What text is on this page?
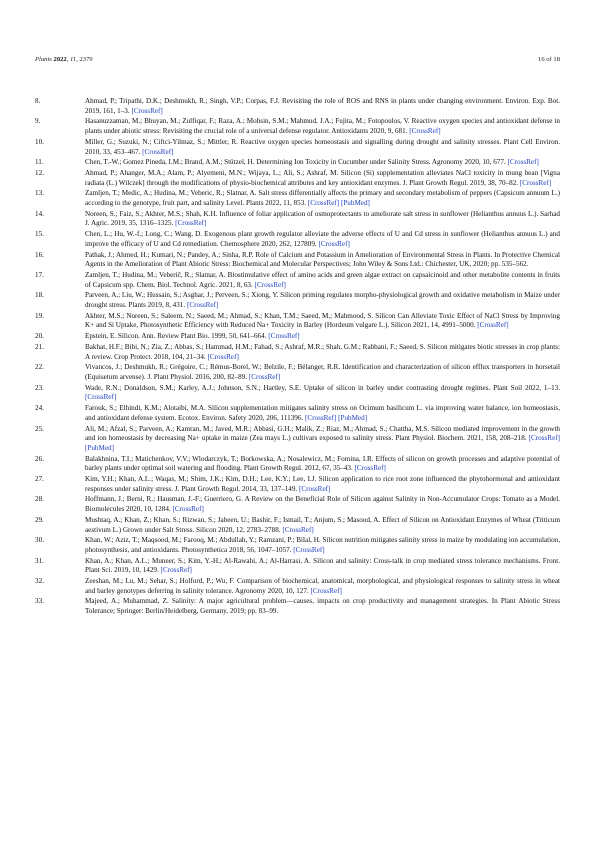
Plants 2022, 11, 2379	16 of 18
8.	Ahmad, P.; Tripathi, D.K.; Deshmukh, R.; Singh, V.P.; Corpas, F.J. Revisiting the role of ROS and RNS in plants under changing environment. Environ. Exp. Bot. 2019, 161, 1–3. [CrossRef]
9.	Hasanuzzaman, M.; Bhuyan, M.; Zulfiqar, F.; Raza, A.; Mohsin, S.M.; Mahmud, J.A.; Fujita, M.; Fotopoulos, V. Reactive oxygen species and antioxidant defense in plants under abiotic stress: Revisiting the crucial role of a universal defense regulator. Antioxidants 2020, 9, 681. [CrossRef]
10.	Miller, G.; Suzuki, N.; Ciftci-Yilmaz, S.; Mittler, R. Reactive oxygen species homeostasis and signalling during drought and salinity stresses. Plant Cell Environ. 2010, 33, 453–467. [CrossRef]
11.	Chen, T.-W.; Gomez Pineda, I.M.; Brand, A.M.; Stützel, H. Determining Ion Toxicity in Cucumber under Salinity Stress. Agronomy 2020, 10, 677. [CrossRef]
12.	Ahmad, P.; Ahanger, M.A.; Alam, P.; Alyemeni, M.N.; Wijaya, L.; Ali, S.; Ashraf, M. Silicon (Si) supplementation alleviates NaCl toxicity in mung bean [Vigna radiata (L.) Wilczek] through the modifications of physio-biochemical attributes and key antioxidant enzymes. J. Plant Growth Regul. 2019, 38, 70–82. [CrossRef]
13.	Zamljen, T.; Medic, A.; Hudina, M.; Veberic, R.; Slatnar, A. Salt stress differentially affects the primary and secondary metabolism of peppers (Capsicum annuum L.) according to the genotype, fruit part, and salinity Level. Plants 2022, 11, 853. [CrossRef] [PubMed]
14.	Noreen, S.; Faiz, S.; Akhter, M.S.; Shah, K.H. Influence of foliar application of osmoprotectants to ameliorate salt stress in sunflower (Helianthus annuus L.). Sarhad J. Agric. 2019, 35, 1316–1325. [CrossRef]
15.	Chen, L.; Hu, W.-f.; Long, C.; Wang, D. Exogenous plant growth regulator alleviate the adverse effects of U and Cd stress in sunflower (Helianthus annuus L.) and improve the efficacy of U and Cd remediation. Chemosphere 2020, 262, 127809. [CrossRef]
16.	Pathak, J.; Ahmed, H.; Kumari, N.; Pandey, A.; Sinha, R.P. Role of Calcium and Potassium in Amelioration of Environmental Stress in Plants. In Protective Chemical Agents in the Amelioration of Plant Abiotic Stress: Biochemical and Molecular Perspectives; John Wiley & Sons Ltd.: Chichester, UK, 2020; pp. 535–562.
17.	Zamljen, T.; Hudina, M.; Veberič, R.; Slatnar, A. Biostimulative effect of amino acids and green algae extract on capsaicinoid and other metabolite contents in fruits of Capsicum spp. Chem. Biol. Technol. Agric. 2021, 8, 63. [CrossRef]
18.	Parveen, A.; Liu, W.; Hussain, S.; Asghar, J.; Perveen, S.; Xiong, Y. Silicon priming regulates morpho-physiological growth and oxidative metabolism in Maize under drought stress. Plants 2019, 8, 431. [CrossRef]
19.	Akhter, M.S.; Noreen, S.; Saleem, N.; Saeed, M.; Ahmad, S.; Khan, T.M.; Saeed, M.; Mahmood, S. Silicon Can Alleviate Toxic Effect of NaCl Stress by Improving K+ and Si Uptake, Photosynthetic Efficiency with Reduced Na+ Toxicity in Barley (Hordeum vulgare L.). Silicon 2021, 14, 4991–5000. [CrossRef]
20.	Epstein, E. Silicon. Ann. Review Plant Bio. 1999, 50, 641–664. [CrossRef]
21.	Bakhat, H.F.; Bibi, N.; Zia, Z.; Abbas, S.; Hammad, H.M.; Fahad, S.; Ashraf, M.R.; Shah, G.M.; Rabbani, F.; Saeed, S. Silicon mitigates biotic stresses in crop plants: A review. Crop Protect. 2018, 104, 21–34. [CrossRef]
22.	Vivancos, J.; Deshmukh, R.; Grégoire, C.; Rémus-Borel, W.; Belzile, F.; Bélanger, R.R. Identification and characterization of silicon efflux transporters in horsetail (Equisetum arvense). J. Plant Physiol. 2016, 200, 82–89. [CrossRef]
23.	Wade, R.N.; Donaldson, S.M.; Karley, A.J.; Johnson, S.N.; Hartley, S.E. Uptake of silicon in barley under contrasting drought regimes. Plant Soil 2022, 1–13. [CrossRef]
24.	Farouk, S.; Elhindi, K.M.; Alotaibi, M.A. Silicon supplementation mitigates salinity stress on Ocimum basilicum L. via improving water balance, ion homeostasis, and antioxidant defense system. Ecotox. Environ. Safety 2020, 206, 111396. [CrossRef] [PubMed]
25.	Ali, M.; Afzal, S.; Parveen, A.; Kamran, M.; Javed, M.R.; Abbasi, G.H.; Malik, Z.; Riaz, M.; Ahmad, S.; Chattha, M.S. Silicon mediated improvement in the growth and ion homeostasis by decreasing Na+ uptake in maize (Zea mays L.) cultivars exposed to salinity stress. Plant Physiol. Biochem. 2021, 158, 208–218. [CrossRef] [PubMed]
26.	Balakhnina, T.I.; Matichenkov, V.V.; Wlodarczyk, T.; Borkowska, A.; Nosalewicz, M.; Fomina, I.R. Effects of silicon on growth processes and adaptive potential of barley plants under optimal soil watering and flooding. Plant Growth Regul. 2012, 67, 35–43. [CrossRef]
27.	Kim, Y.H.; Khan, A.L.; Waqas, M.; Shim, J.K.; Kim, D.H.; Lee, K.Y.; Lee, I.J. Silicon application to rice root zone influenced the phytohormonal and antioxidant responses under salinity stress. J. Plant Growth Regul. 2014, 33, 137–149. [CrossRef]
28.	Hoffmann, J.; Berni, R.; Hausman, J.-F.; Guerriero, G. A Review on the Beneficial Role of Silicon against Salinity in Non-Accumulator Crops: Tomato as a Model. Biomolecules 2020, 10, 1284. [CrossRef]
29.	Mushtaq, A.; Khan, Z.; Khan, S.; Rizwan, S.; Jabeen, U.; Bashir, F.; Ismail, T.; Anjum, S.; Masood, A. Effect of Silicon on Antioxidant Enzymes of Wheat (Triticum aestivum L.) Grown under Salt Stress. Silicon 2020, 12, 2783–2788. [CrossRef]
30.	Khan, W.; Aziz, T.; Maqsood, M.; Farooq, M.; Abdullah, Y.; Ramzani, P.; Bilal, H. Silicon nutrition mitigates salinity stress in maize by modulating ion accumulation, photosynthesis, and antioxidants. Photosynthetica 2018, 56, 1047–1057. [CrossRef]
31.	Khan, A.; Khan, A.L.; Muneer, S.; Kim, Y.-H.; Al-Rawahi, A.; Al-Harrasi, A. Silicon and salinity: Cross-talk in crop mediated stress tolerance mechanisms. Front. Plant Sci. 2019, 10, 1429. [CrossRef]
32.	Zeeshan, M.; Lu, M.; Sehar, S.; Holford, P.; Wu, F. Comparison of biochemical, anatomical, morphological, and physiological responses to salinity stress in wheat and barley genotypes deferring in salinity tolerance. Agronomy 2020, 10, 127. [CrossRef]
33.	Majeed, A.; Muhammad, Z. Salinity: A major agricultural problem—causes, impacts on crop productivity and management strategies. In Plant Abiotic Stress Tolerance; Springer: Berlin/Heidelberg, Germany, 2019; pp. 83–99.
